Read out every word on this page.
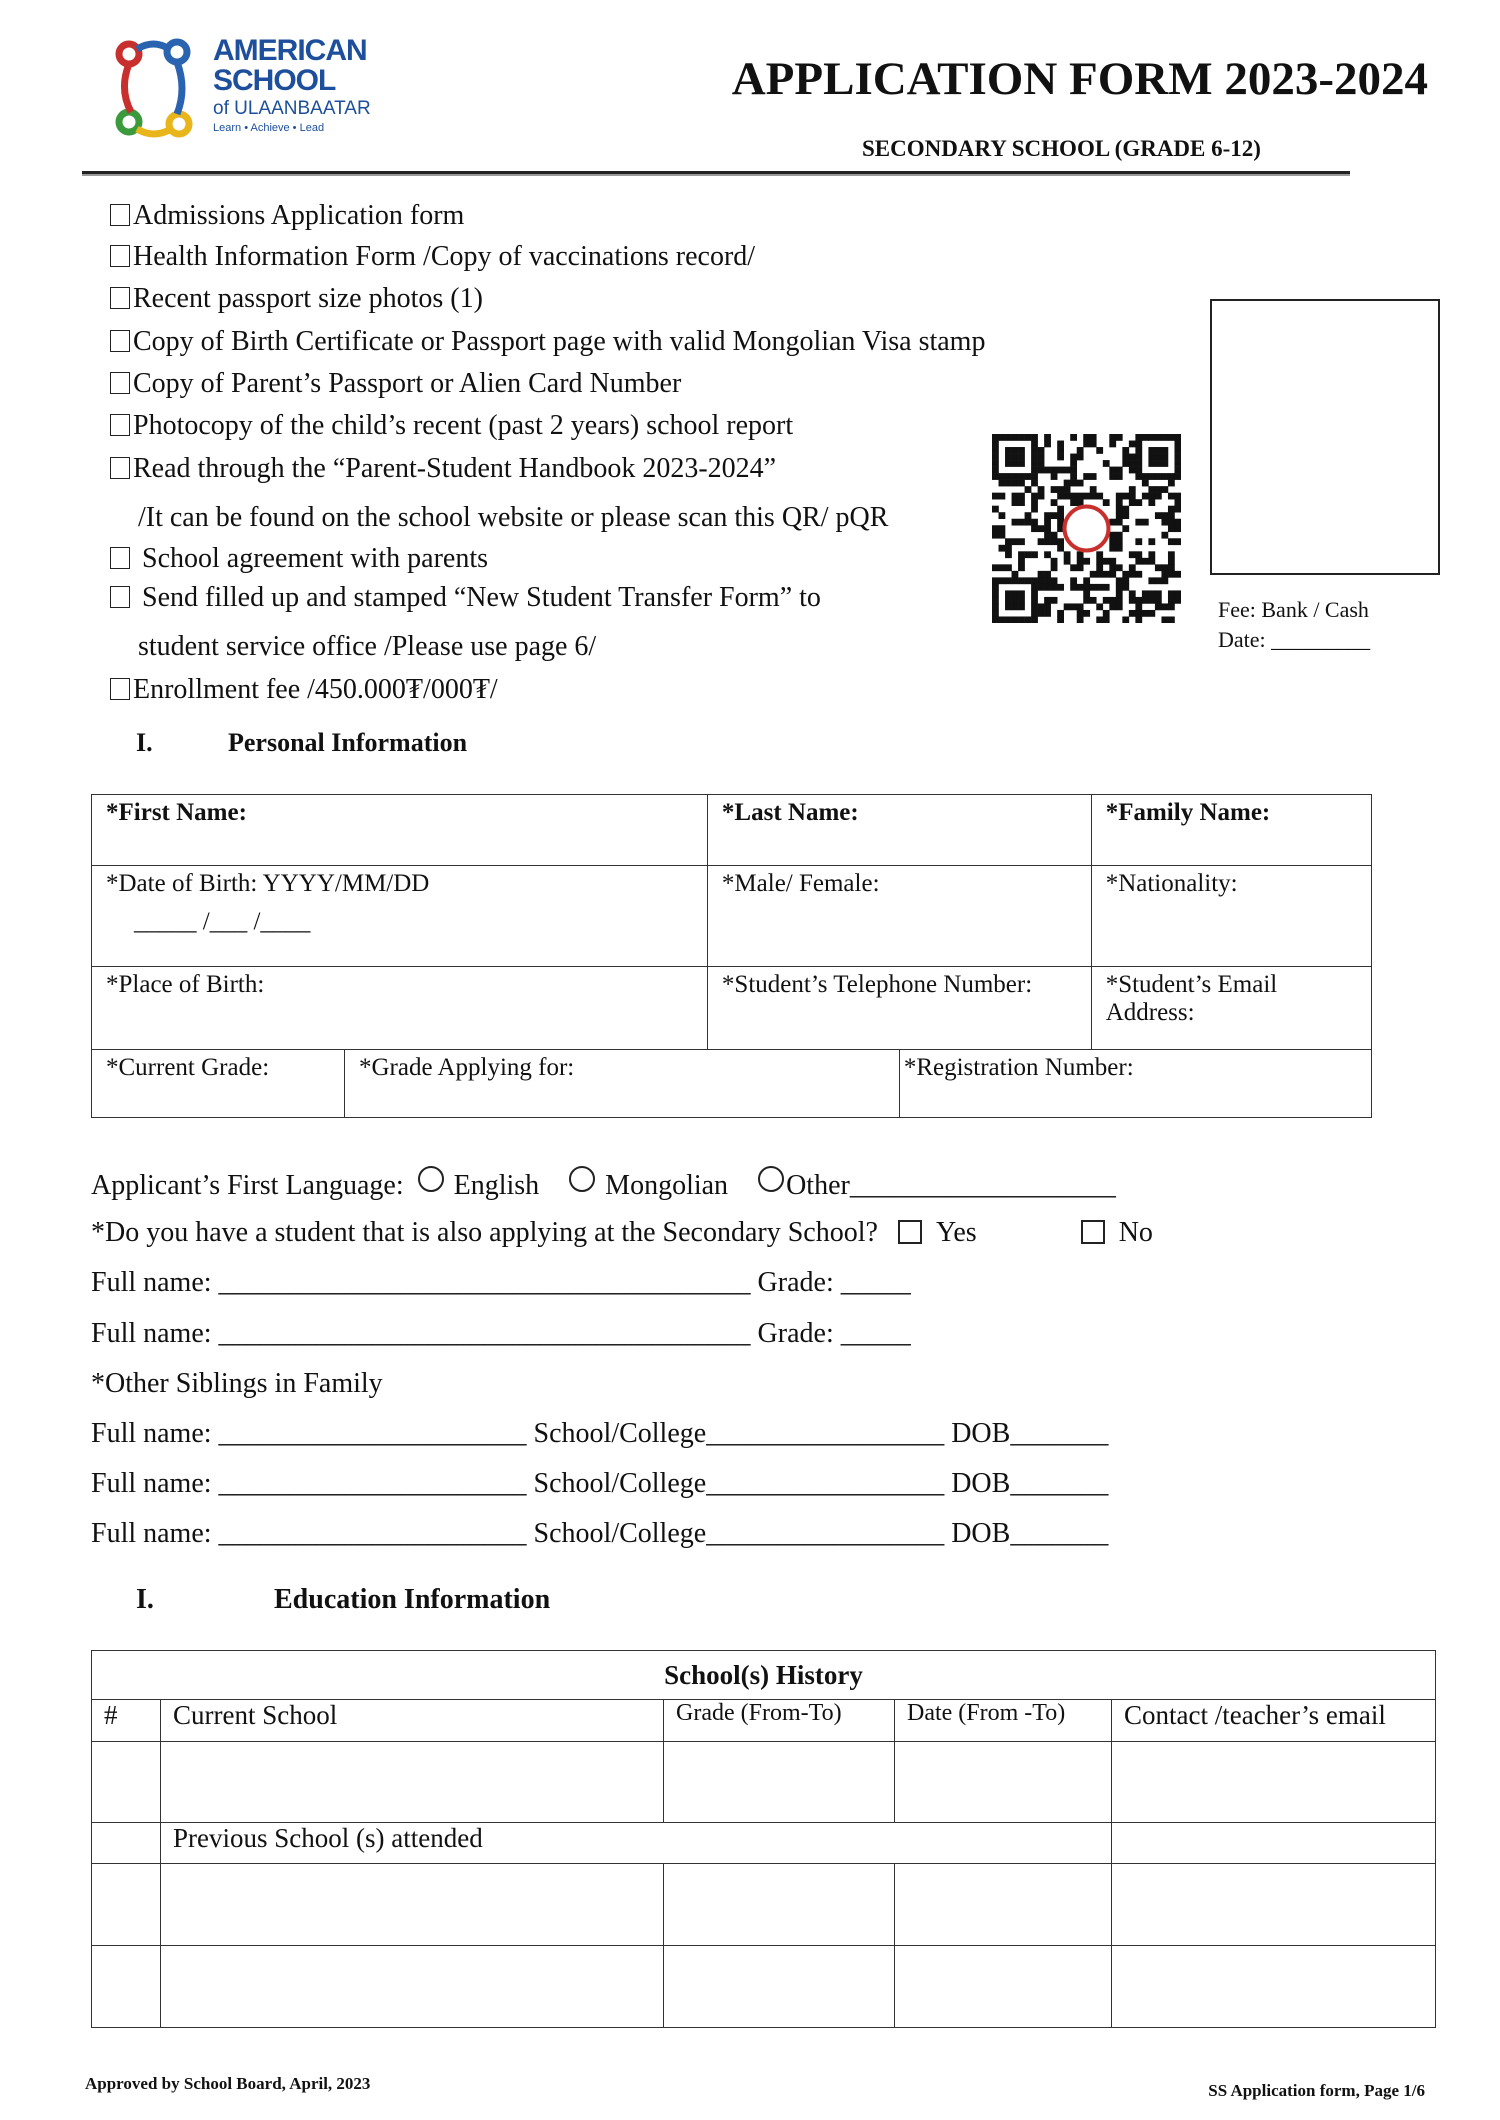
AMERICAN
SCHOOL
of ULAANBAATAR
Learn • Achieve • Lead
APPLICATION FORM 2023-2024
SECONDARY SCHOOL (GRADE 6-12)
Admissions Application form
Health Information Form /Copy of vaccinations record/
Recent passport size photos (1)
Copy of Birth Certificate or Passport page with valid Mongolian Visa stamp
Copy of Parent’s Passport or Alien Card Number
Photocopy of the child’s recent (past 2 years) school report
Read through the “Parent-Student Handbook 2023-2024”
/It can be found on the school website or please scan this QR/ pQR
School agreement with parents
Send filled up and stamped “New Student Transfer Form” to
student service office /Please use page 6/
Enrollment fee /450.000₮/000₮/
Fee: Bank / Cash
Date: _________
I.	Personal Information
*First Name:		*Last Name:		*Family Name:

*Date of Birth: YYYY/MM/DD
_____ /___ /____		*Male/ Female:		*Nationality:
*Place of Birth:		*Student’s Telephone Number:		*Student’s Email Address:
*Current Grade:	*Grade Applying for:		*Registration Number:	
Applicant’s First Language: English Mongolian Other___________________
*Do you have a student that is also applying at the Secondary School? Yes	No
Full name: ______________________________________ Grade: _____
Full name: ______________________________________ Grade: _____
*Other Siblings in Family
Full name: ______________________ School/College_________________ DOB_______
Full name: ______________________ School/College_________________ DOB_______
Full name: ______________________ School/College_________________ DOB_______
I.	Education Information
School(s) History				
#	Current School	Grade (From-To)	Date (From -To)	Contact /teacher’s email

	Previous School (s) attended			

Approved by School Board, April, 2023	SS Application form, Page 1/6
